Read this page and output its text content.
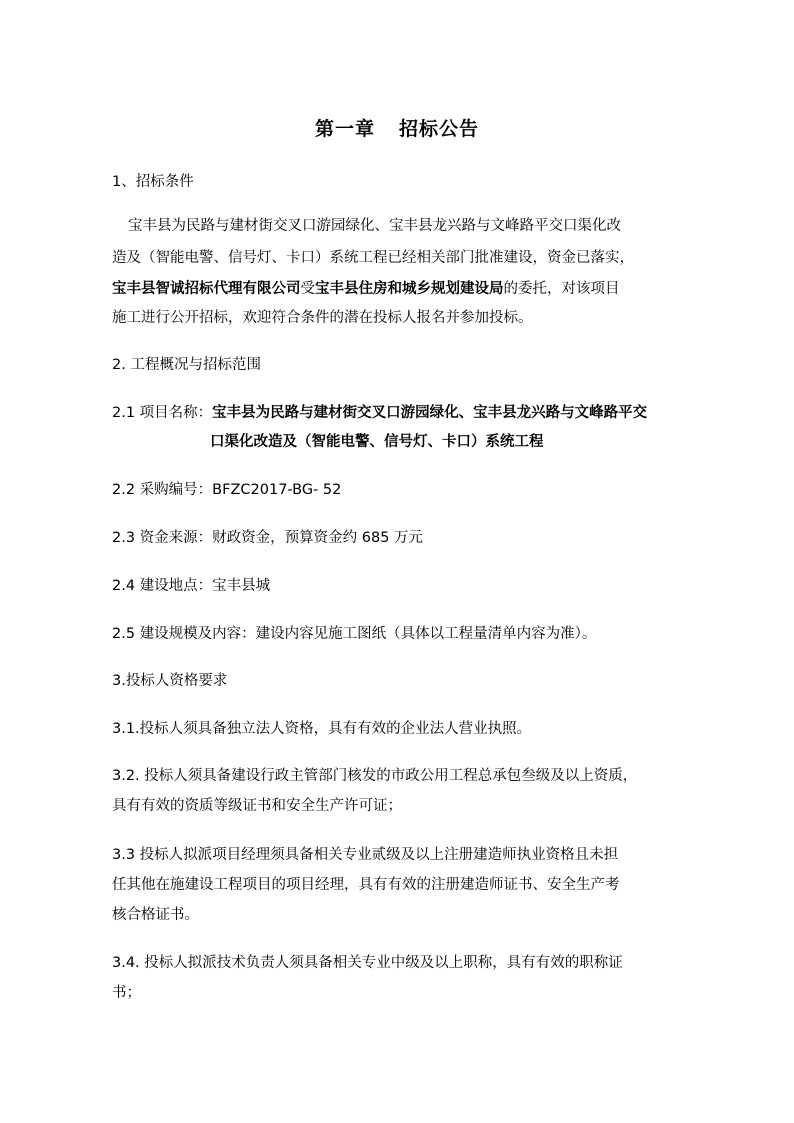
第一章 招标公告
1、招标条件
宝丰县为民路与建材街交叉口游园绿化、宝丰县龙兴路与文峰路平交口渠化改
造及（智能电警、信号灯、卡口）系统工程已经相关部门批准建设，资金已落实，
宝丰县智诚招标代理有限公司受宝丰县住房和城乡规划建设局的委托，对该项目
施工进行公开招标，欢迎符合条件的潜在投标人报名并参加投标。
2. 工程概况与招标范围
2.1 项目名称：宝丰县为民路与建材街交叉口游园绿化、宝丰县龙兴路与文峰路平交
口渠化改造及（智能电警、信号灯、卡口）系统工程
2.2 采购编号：BFZC2017-BG- 52
2.3 资金来源：财政资金，预算资金约 685 万元
2.4 建设地点：宝丰县城
2.5 建设规模及内容：建设内容见施工图纸（具体以工程量清单内容为准）。
3.投标人资格要求
3.1.投标人须具备独立法人资格，具有有效的企业法人营业执照。
3.2. 投标人须具备建设行政主管部门核发的市政公用工程总承包叁级及以上资质，
具有有效的资质等级证书和安全生产许可证；
3.3 投标人拟派项目经理须具备相关专业贰级及以上注册建造师执业资格且未担
任其他在施建设工程项目的项目经理，具有有效的注册建造师证书、安全生产考
核合格证书。
3.4. 投标人拟派技术负责人须具备相关专业中级及以上职称，具有有效的职称证
书；
